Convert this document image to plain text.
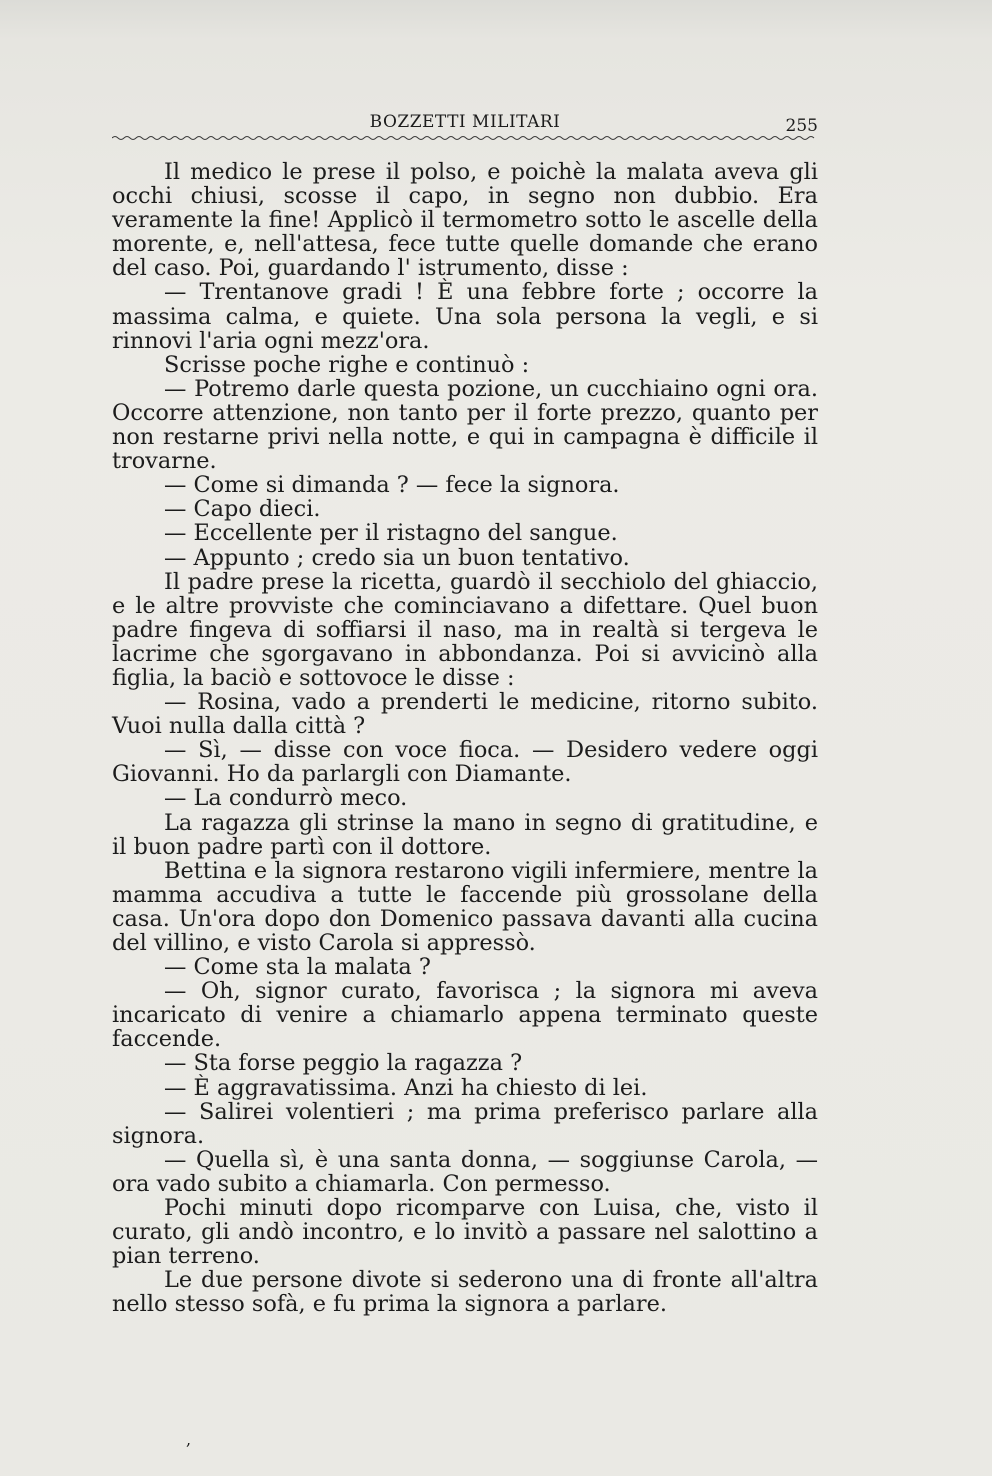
BOZZETTI MILITARI	255

Il medico le prese il polso, e poichè la malata aveva gli occhi chiusi, scosse il capo, in segno non dubbio. Era veramente la fine! Applicò il termometro sotto le ascelle della morente, e, nell'attesa, fece tutte quelle domande che erano del caso. Poi, guardando l' istrumento, disse :

— Trentanove gradi ! È una febbre forte ; occorre la massima calma, e quiete. Una sola persona la vegli, e si rinnovi l'aria ogni mezz'ora.

Scrisse poche righe e continuò :

— Potremo darle questa pozione, un cucchiaino ogni ora. Occorre attenzione, non tanto per il forte prezzo, quanto per non restarne privi nella notte, e qui in campagna è difficile il trovarne.

— Come si dimanda ? — fece la signora.

— Capo dieci.

— Eccellente per il ristagno del sangue.

— Appunto ; credo sia un buon tentativo.

Il padre prese la ricetta, guardò il secchiolo del ghiaccio, e le altre provviste che cominciavano a difettare. Quel buon padre fingeva di soffiarsi il naso, ma in realtà si tergeva le lacrime che sgorgavano in abbondanza. Poi si avvicinò alla figlia, la baciò e sottovoce le disse :

— Rosina, vado a prenderti le medicine, ritorno subito. Vuoi nulla dalla città ?

— Sì, — disse con voce fioca. — Desidero vedere oggi Giovanni. Ho da parlargli con Diamante.

— La condurrò meco.

La ragazza gli strinse la mano in segno di gratitudine, e il buon padre partì con il dottore.

Bettina e la signora restarono vigili infermiere, mentre la mamma accudiva a tutte le faccende più grossolane della casa. Un'ora dopo don Domenico passava davanti alla cucina del villino, e visto Carola si appressò.

— Come sta la malata ?

— Oh, signor curato, favorisca ; la signora mi aveva incaricato di venire a chiamarlo appena terminato queste faccende.

— Sta forse peggio la ragazza ?

— È aggravatissima. Anzi ha chiesto di lei.

— Salirei volentieri ; ma prima preferisco parlare alla signora.

— Quella sì, è una santa donna, — soggiunse Carola, — ora vado subito a chiamarla. Con permesso.

Pochi minuti dopo ricomparve con Luisa, che, visto il curato, gli andò incontro, e lo invitò a passare nel salottino a pian terreno.

Le due persone divote si sederono una di fronte all'altra nello stesso sofà, e fu prima la signora a parlare.

,
